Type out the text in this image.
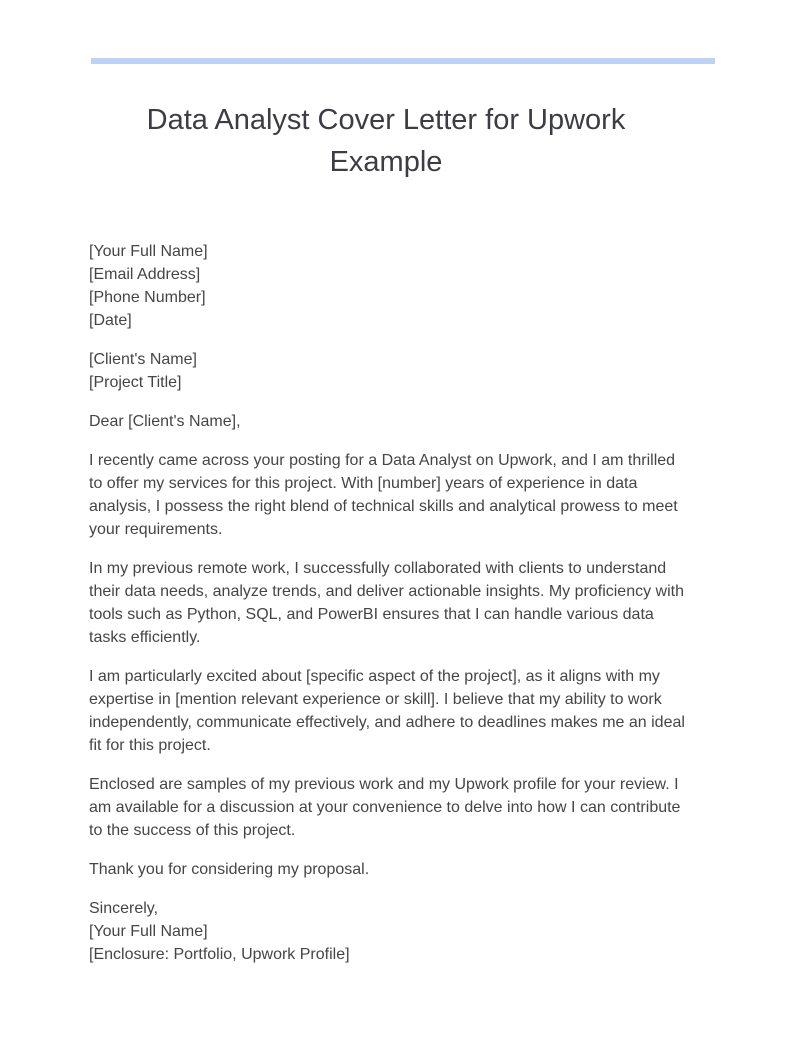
Data Analyst Cover Letter for Upwork Example
[Your Full Name]
[Email Address]
[Phone Number]
[Date]
[Client's Name]
[Project Title]

Dear [Client's Name],

I recently came across your posting for a Data Analyst on Upwork, and I am thrilled to offer my services for this project. With [number] years of experience in data analysis, I possess the right blend of technical skills and analytical prowess to meet your requirements.

In my previous remote work, I successfully collaborated with clients to understand their data needs, analyze trends, and deliver actionable insights. My proficiency with tools such as Python, SQL, and PowerBI ensures that I can handle various data tasks efficiently.

I am particularly excited about [specific aspect of the project], as it aligns with my expertise in [mention relevant experience or skill]. I believe that my ability to work independently, communicate effectively, and adhere to deadlines makes me an ideal fit for this project.

Enclosed are samples of my previous work and my Upwork profile for your review. I am available for a discussion at your convenience to delve into how I can contribute to the success of this project.

Thank you for considering my proposal.

Sincerely,
[Your Full Name]
[Enclosure: Portfolio, Upwork Profile]
